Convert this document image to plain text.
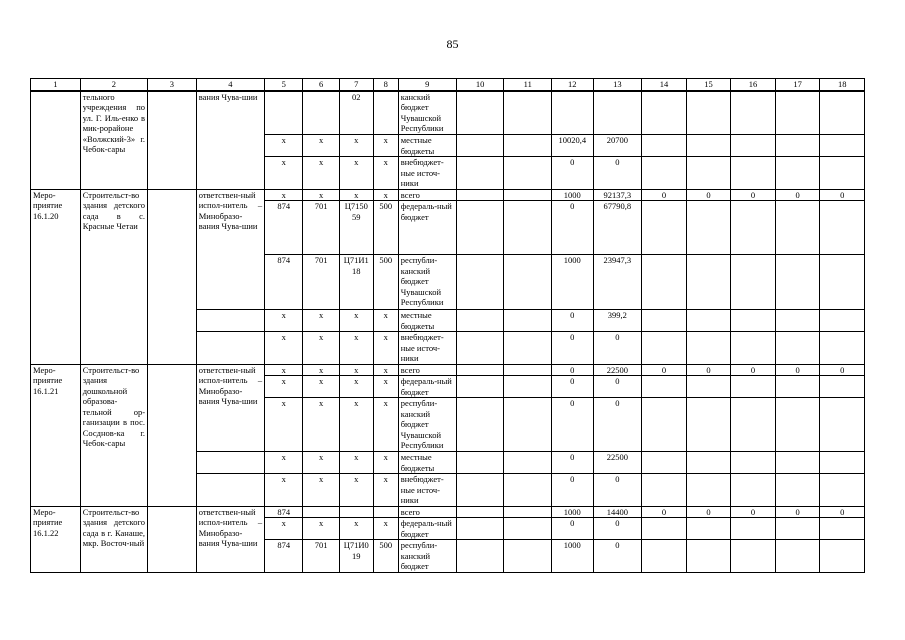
85
1	2	3	4	5	6	7	8	9	10	11	12	13	14	15	16	17	18
	тельного учреждения по ул. Г. Иль-енко в мик-рорайоне «Волжский-3» г. Чебок-сары		вания Чува-шии			02		канский бюджет Чувашской Республики									
				x	x	x	x	местные бюджеты			10020,4	20700					
				x	x	x	x	внебюджет-ные источ-ники			0	0					
Меро-приятие 16.1.20	Строительст-во здания детского сада в с. Красные Четаи		ответствен-ный испол-нитель – Минобразо-вания Чува-шии	x	x	x	x	всего			1000	92137,3	0	0	0	0	0
				874	701	Ц7150 59	500	федераль-ный бюджет			0	67790,8					
				874	701	Ц71И1 18	500	республи-канский бюджет Чувашской Республики			1000	23947,3					
				x	x	x	x	местные бюджеты			0	399,2					
				x	x	x	x	внебюджет-ные источ-ники			0	0					
Меро-приятие 16.1.21	Строительст-во здания дошкольной образова-тельной ор-ганизации в пос. Сосднов-ка г. Чебок-сары		ответствен-ный испол-нитель – Минобразо-вания Чува-шии	x	x	x	x	всего			0	22500	0	0	0	0	0
				x	x	x	x	федераль-ный бюджет			0	0					
				x	x	x	x	республи-канский бюджет Чувашской Республики			0	0					
				x	x	x	x	местные бюджеты			0	22500					
				x	x	x	x	внебюджет-ные источ-ники			0	0					
Меро-приятие 16.1.22	Строительст-во здания детского сада в г. Канаше, мкр. Восточ-ный		ответствен-ный испол-нитель – Минобразо-вания Чува-шии	874				всего			1000	14400	0	0	0	0	0
				x	x	x	x	федераль-ный бюджет			0	0					
				874	701	Ц71И0 19	500	республи-канский бюджет			1000	0					
